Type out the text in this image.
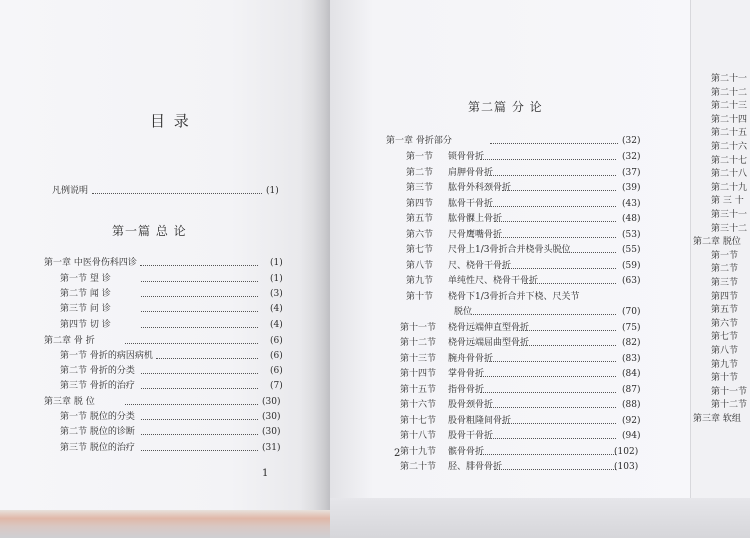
目 录
凡例说明	(1)
第一篇 总 论
第一章 中医骨伤科四诊	(1)
第一节 望 诊	(1)
第二节 闻 诊	(3)
第三节 问 诊	(4)
第四节 切 诊	(4)
第二章 骨 折	(6)
第一节 骨折的病因病机	(6)
第二节 骨折的分类	(6)
第三节 骨折的治疗	(7)
第三章 脱 位	(30)
第一节 脱位的分类	(30)
第二节 脱位的诊断	(30)
第三节 脱位的治疗	(31)
1
第二篇 分 论
第一章 骨折部分	(32)
第一节 锁骨骨折	(32)
第二节 肩胛骨骨折	(37)
第三节 肱骨外科颈骨折	(39)
第四节 肱骨干骨折	(43)
第五节 肱骨髁上骨折	(48)
第六节 尺骨鹰嘴骨折	(53)
第七节 尺骨上1/3骨折合并桡骨头脱位	(55)
第八节 尺、桡骨干骨折	(59)
第九节 单纯性尺、桡骨干骨折	(63)
第十节 桡骨下1/3骨折合并下桡、尺关节
脱位	(70)
第十一节 桡骨远端伸直型骨折	(75)
第十二节 桡骨远端屈曲型骨折	(82)
第十三节 腕舟骨骨折	(83)
第十四节 掌骨骨折	(84)
第十五节 指骨骨折	(87)
第十六节 股骨颈骨折	(88)
第十七节 股骨粗隆间骨折	(92)
第十八节 股骨干骨折	(94)
第十九节 髌骨骨折	(102)
第二十节 胫、腓骨骨折	(103)
2
第二十一
第二十二
第二十三
第二十四
第二十五
第二十六
第二十七
第二十八
第二十九
第 三 十
第三十一
第三十二
第二章 脱位
第一节
第二节
第三节
第四节
第五节
第六节
第七节
第八节
第九节
第十节
第十一节
第十二节
第三章 软组
